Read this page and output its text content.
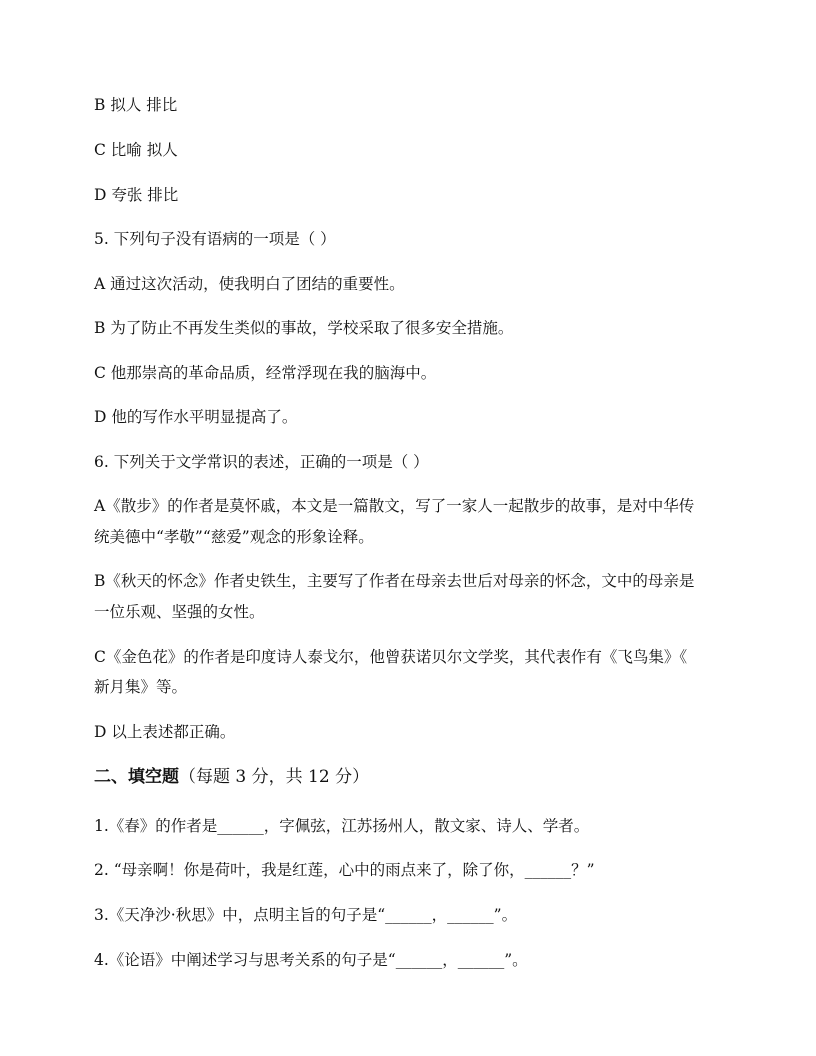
B 拟人 排比
C 比喻 拟人
D 夸张 排比
5. 下列句子没有语病的一项是（ ）
A 通过这次活动，使我明白了团结的重要性。
B 为了防止不再发生类似的事故，学校采取了很多安全措施。
C 他那崇高的革命品质，经常浮现在我的脑海中。
D 他的写作水平明显提高了。
6. 下列关于文学常识的表述，正确的一项是（ ）
A《散步》的作者是莫怀戚，本文是一篇散文，写了一家人一起散步的故事，是对中华传
统美德中“孝敬”“慈爱”观念的形象诠释。
B《秋天的怀念》作者史铁生，主要写了作者在母亲去世后对母亲的怀念，文中的母亲是
一位乐观、坚强的女性。
C《金色花》的作者是印度诗人泰戈尔，他曾获诺贝尔文学奖，其代表作有《飞鸟集》《
新月集》等。
D 以上表述都正确。
二、填空题（每题 3 分，共 12 分）
1.《春》的作者是______，字佩弦，江苏扬州人，散文家、诗人、学者。
2. “母亲啊！你是荷叶，我是红莲，心中的雨点来了，除了你，______？”
3.《天净沙·秋思》中，点明主旨的句子是“______，______”。
4.《论语》中阐述学习与思考关系的句子是“______，______”。
